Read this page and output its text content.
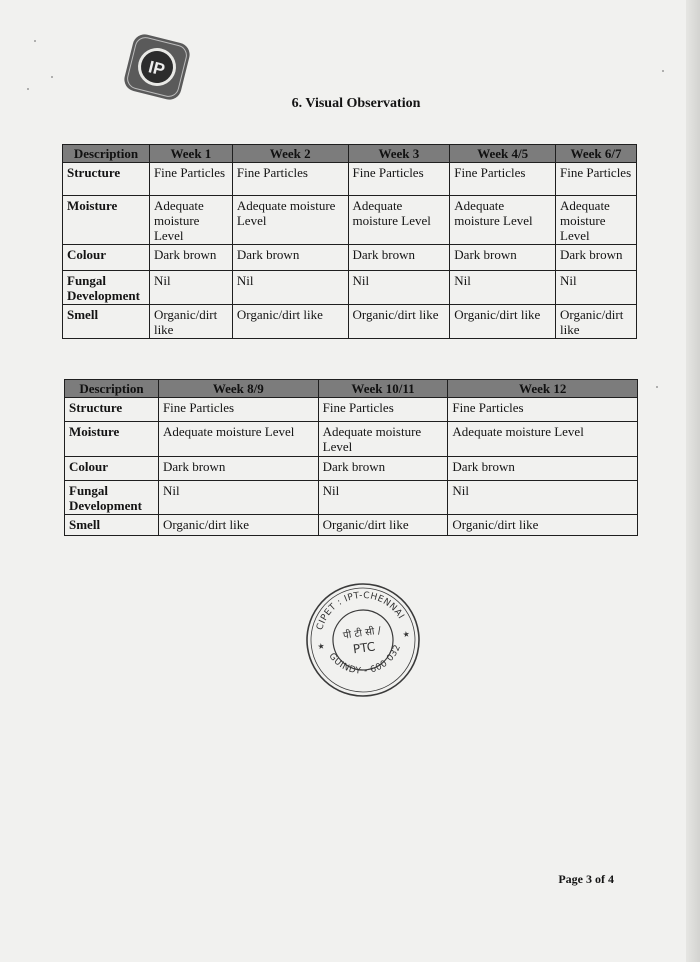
IP
6. Visual Observation
Description	Week 1	Week 2	Week 3	Week 4/5	Week 6/7
Structure	Fine Particles	Fine Particles	Fine Particles	Fine Particles	Fine Particles
Moisture	Adequate moisture Level	Adequate moisture Level	Adequate moisture Level	Adequate moisture Level	Adequate moisture Level
Colour	Dark brown	Dark brown	Dark brown	Dark brown	Dark brown
Fungal Development	Nil	Nil	Nil	Nil	Nil
Smell	Organic/dirt like	Organic/dirt like	Organic/dirt like	Organic/dirt like	Organic/dirt like
Description	Week 8/9	Week 10/11	Week 12
Structure	Fine Particles	Fine Particles	Fine Particles
Moisture	Adequate moisture Level	Adequate moisture Level	Adequate moisture Level
Colour	Dark brown	Dark brown	Dark brown
Fungal Development	Nil	Nil	Nil
Smell	Organic/dirt like	Organic/dirt like	Organic/dirt like
CIPET : IPT-CHENNAI
GUINDY - 600 032
पी टी सी /
PTC
★
★
Page 3 of 4
